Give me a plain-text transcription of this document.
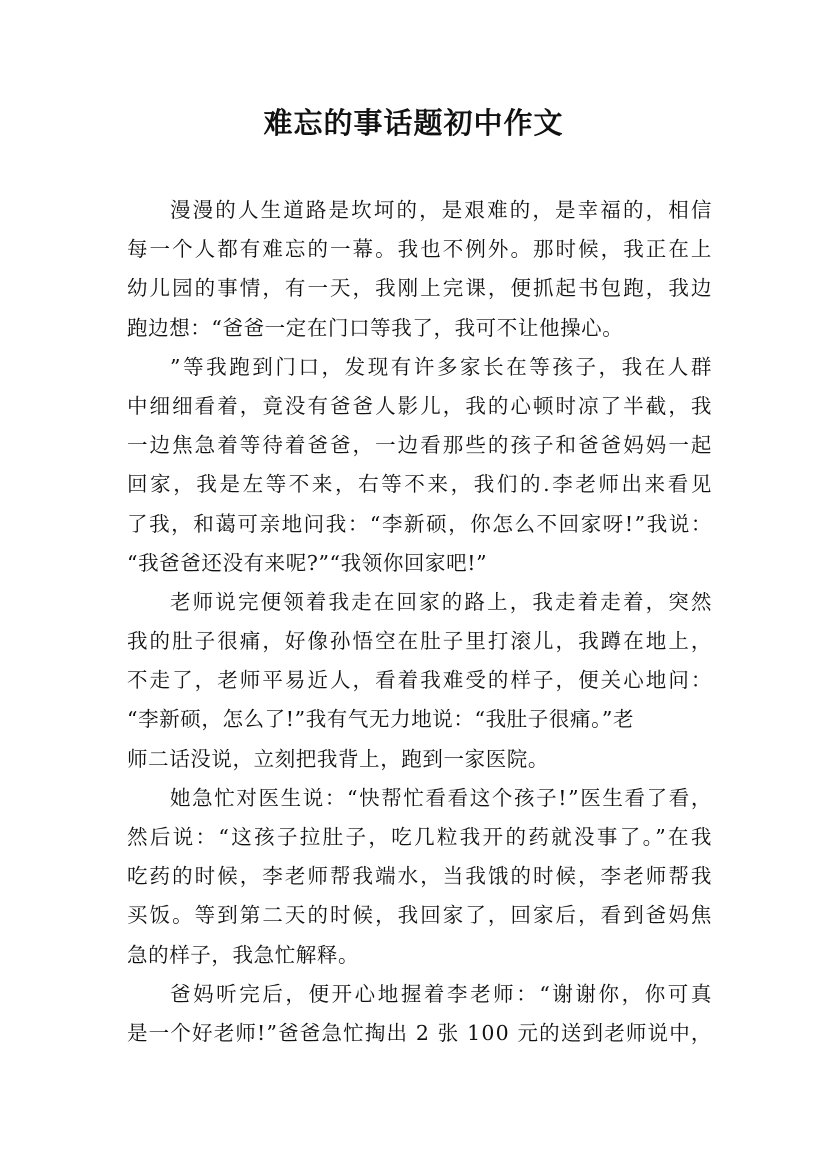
难忘的事话题初中作文
漫漫的人生道路是坎坷的，是艰难的，是幸福的，相信
每一个人都有难忘的一幕。我也不例外。那时候，我正在上
幼儿园的事情，有一天，我刚上完课，便抓起书包跑，我边
跑边想：“爸爸一定在门口等我了，我可不让他操心。
”等我跑到门口，发现有许多家长在等孩子，我在人群
中细细看着，竟没有爸爸人影儿，我的心顿时凉了半截，我
一边焦急着等待着爸爸，一边看那些的孩子和爸爸妈妈一起
回家，我是左等不来，右等不来，我们的.李老师出来看见
了我，和蔼可亲地问我：“李新硕，你怎么不回家呀!”我说：
“我爸爸还没有来呢?”“我领你回家吧!”
老师说完便领着我走在回家的路上，我走着走着，突然
我的肚子很痛，好像孙悟空在肚子里打滚儿，我蹲在地上，
不走了，老师平易近人，看着我难受的样子，便关心地问：
“李新硕，怎么了!”我有气无力地说：“我肚子很痛。”老
师二话没说，立刻把我背上，跑到一家医院。
她急忙对医生说：“快帮忙看看这个孩子!”医生看了看，
然后说：“这孩子拉肚子，吃几粒我开的药就没事了。”在我
吃药的时候，李老师帮我端水，当我饿的时候，李老师帮我
买饭。等到第二天的时候，我回家了，回家后，看到爸妈焦
急的样子，我急忙解释。
爸妈听完后，便开心地握着李老师：“谢谢你，你可真
是一个好老师!”爸爸急忙掏出 2 张 100 元的送到老师说中，
